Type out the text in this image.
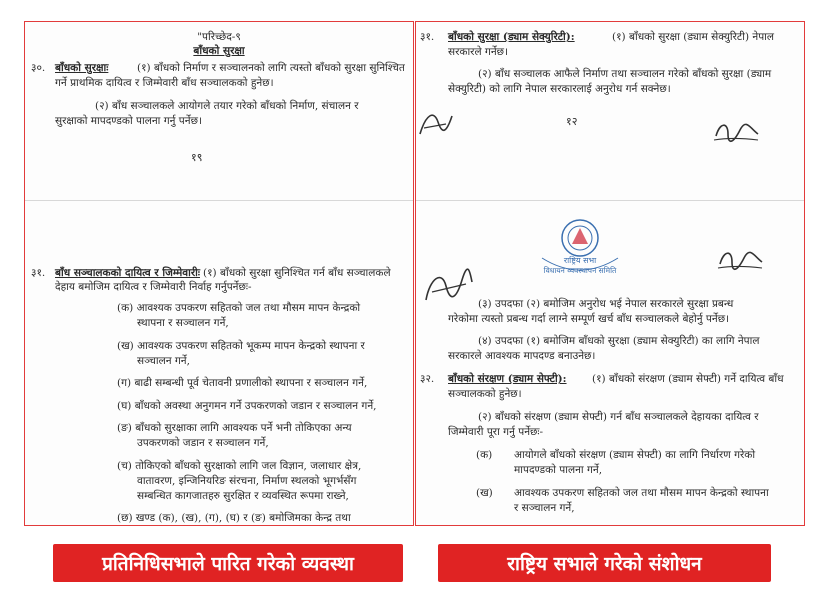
"परिच्छेद-९
बाँधको सुरक्षा
३०. बाँधको सुरक्षाः	(१) बाँधको निर्माण र सञ्चालनको लागि त्यस्तो बाँधको सुरक्षा सुनिश्चित
गर्ने प्राथमिक दायित्व र जिम्मेवारी बाँध सञ्चालकको हुनेछ।
(२) बाँध सञ्चालकले आयोगले तयार गरेको बाँधको निर्माण, संचालन र
सुरक्षाको मापदण्डको पालना गर्नु पर्नेछ।
१९
३१. बाँध सञ्चालकको दायित्व र जिम्मेवारीः (१) बाँधको सुरक्षा सुनिश्चित गर्न बाँध सञ्चालकले
देहाय बमोजिम दायित्व र जिम्मेवारी निर्वाह गर्नुपर्नेछः-
(क) आवश्यक उपकरण सहितको जल तथा मौसम मापन केन्द्रको
स्थापना र सञ्चालन गर्ने,
(ख) आवश्यक उपकरण सहितको भूकम्प मापन केन्द्रको स्थापना र
सञ्चालन गर्ने,
(ग) बाढी सम्बन्धी पूर्व चेतावनी प्रणालीको स्थापना र सञ्चालन गर्ने,
(घ) बाँधको अवस्था अनुगमन गर्ने उपकरणको जडान र सञ्चालन गर्ने,
(ङ) बाँधको सुरक्षाका लागि आवश्यक पर्ने भनी तोकिएका अन्य
उपकरणको जडान र सञ्चालन गर्ने,
(च) तोकिएको बाँधको सुरक्षाको लागि जल विज्ञान, जलाधार क्षेत्र,
वातावरण, इन्जिनियरिङ संरचना, निर्माण स्थलको भूगर्भसँग
सम्बन्धित कागजातहरु सुरक्षित र व्यवस्थित रूपमा राख्ने,
(छ) खण्ड (क), (ख), (ग), (घ) र (ङ) बमोजिमका केन्द्र तथा
३१. बाँधको सुरक्षा (ड्याम सेक्युरिटी):	(१) बाँधको सुरक्षा (ड्याम सेक्युरिटी) नेपाल
सरकारले गर्नेछ।
(२) बाँध सञ्चालक आफैले निर्माण तथा सञ्चालन गरेको बाँधको सुरक्षा (ड्याम
सेक्युरिटी) को लागि नेपाल सरकारलाई अनुरोध गर्न सक्नेछ।
१२
राष्ट्रिय सभा
विधायन व्यवस्थापन समिति
(३) उपदफा (२) बमोजिम अनुरोध भई नेपाल सरकारले सुरक्षा प्रबन्ध
गरेकोमा त्यस्तो प्रबन्ध गर्दा लाग्ने सम्पूर्ण खर्च बाँध सञ्चालकले बेहोर्नु पर्नेछ।
(४) उपदफा (१) बमोजिम बाँधको सुरक्षा (ड्याम सेक्युरिटी) का लागि नेपाल
सरकारले आवश्यक मापदण्ड बनाउनेछ।
३२. बाँधको संरक्षण (ड्याम सेफ्टी): (१) बाँधको संरक्षण (ड्याम सेफ्टी) गर्ने दायित्व बाँध
सञ्चालकको हुनेछ।
(२) बाँधको संरक्षण (ड्याम सेफ्टी) गर्न बाँध सञ्चालकले देहायका दायित्व र
जिम्मेवारी पूरा गर्नु पर्नेछः-
(क) आयोगले बाँधको संरक्षण (ड्याम सेफ्टी) का लागि निर्धारण गरेको
मापदण्डको पालना गर्ने,
(ख) आवश्यक उपकरण सहितको जल तथा मौसम मापन केन्द्रको स्थापना
र सञ्चालन गर्ने,
प्रतिनिधिसभाले पारित गरेको व्यवस्था	राष्ट्रिय सभाले गरेको संशोधन
